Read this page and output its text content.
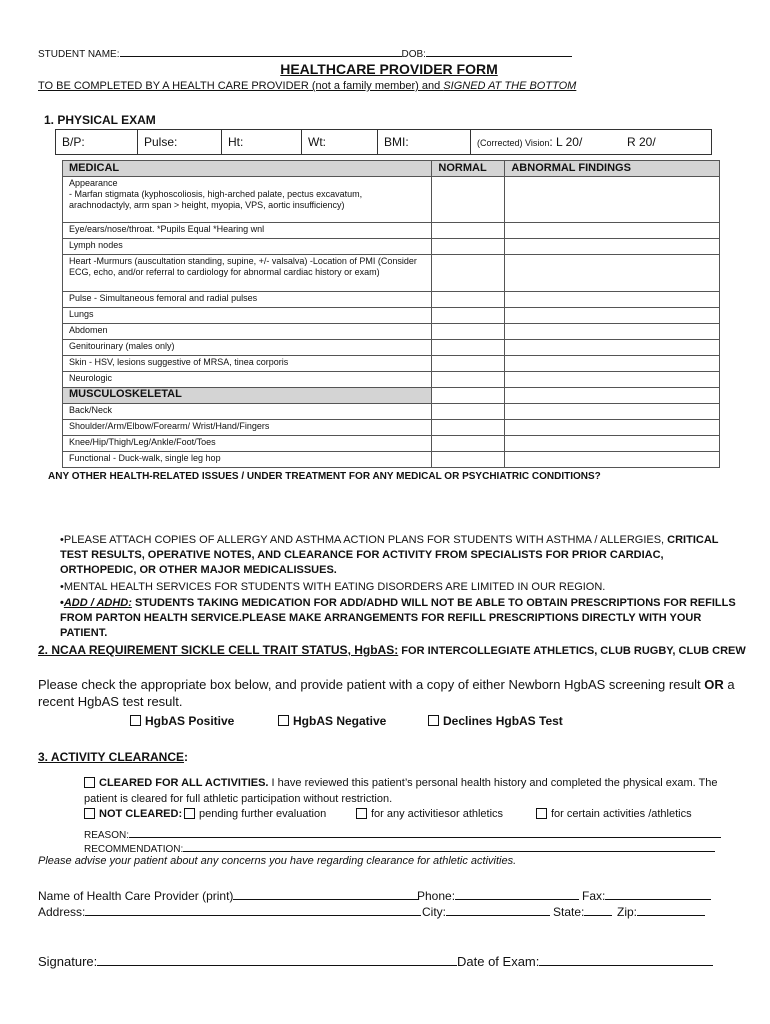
STUDENT NAME:	DOB:
HEALTHCARE PROVIDER FORM
TO BE COMPLETED BY A HEALTH CARE PROVIDER (not a family member) and SIGNED AT THE BOTTOM
1. PHYSICAL EXAM
B/P:	Pulse:	Ht:	Wt:	BMI:	(Corrected) Vision: L 20/	R 20/
MEDICAL	NORMAL	ABNORMAL FINDINGS

Appearance
- Marfan stigmata (kyphoscoliosis, high-arched palate, pectus excavatum, arachnodactyly, arm span > height, myopia, VPS, aortic insufficiency)		

Eye/ears/nose/throat. *Pupils Equal *Hearing wnl		
Lymph nodes		
Heart -Murmurs (auscultation standing, supine, +/- valsalva) -Location of PMI (Consider ECG, echo, and/or referral to cardiology for abnormal cardiac history or exam)		
Pulse - Simultaneous femoral and radial pulses		
Lungs		
Abdomen		
Genitourinary (males only)		
Skin - HSV, lesions suggestive of MRSA, tinea corporis		
Neurologic		
MUSCULOSKELETAL		
Back/Neck		
Shoulder/Arm/Elbow/Forearm/ Wrist/Hand/Fingers		
Knee/Hip/Thigh/Leg/Ankle/Foot/Toes		
Functional - Duck-walk, single leg hop		
ANY OTHER HEALTH-RELATED ISSUES / UNDER TREATMENT FOR ANY MEDICAL OR PSYCHIATRIC CONDITIONS?
•PLEASE ATTACH COPIES OF ALLERGY AND ASTHMA ACTION PLANS FOR STUDENTS WITH ASTHMA / ALLERGIES, CRITICAL TEST RESULTS, OPERATIVE NOTES, AND CLEARANCE FOR ACTIVITY FROM SPECIALISTS FOR PRIOR CARDIAC, ORTHOPEDIC, OR OTHER MAJOR MEDICALISSUES.
•MENTAL HEALTH SERVICES FOR STUDENTS WITH EATING DISORDERS ARE LIMITED IN OUR REGION.
•ADD / ADHD: STUDENTS TAKING MEDICATION FOR ADD/ADHD WILL NOT BE ABLE TO OBTAIN PRESCRIPTIONS FOR REFILLS FROM PARTON HEALTH SERVICE.PLEASE MAKE ARRANGEMENTS FOR REFILL PRESCRIPTIONS DIRECTLY WITH YOUR PATIENT.
2. NCAA REQUIREMENT SICKLE CELL TRAIT STATUS, HgbAS: FOR INTERCOLLEGIATE ATHLETICS, CLUB RUGBY, CLUB CREW
Please check the appropriate box below, and provide patient with a copy of either Newborn HgbAS screening result OR a recent HgbAS test result.
HgbAS Positive	HgbAS Negative	Declines HgbAS Test
3. ACTIVITY CLEARANCE:
CLEARED FOR ALL ACTIVITIES. I have reviewed this patient’s personal health history and completed the physical exam. The patient is cleared for full athletic participation without restriction.
NOT CLEARED:	pending further evaluation	for any activitiesor athletics	for certain activities /athletics
REASON:
RECOMMENDATION:
Please advise your patient about any concerns you have regarding clearance for athletic activities.
Name of Health Care Provider (print)	Phone:	Fax:
Address:	City:	State:	Zip:
Signature:	Date of Exam:
